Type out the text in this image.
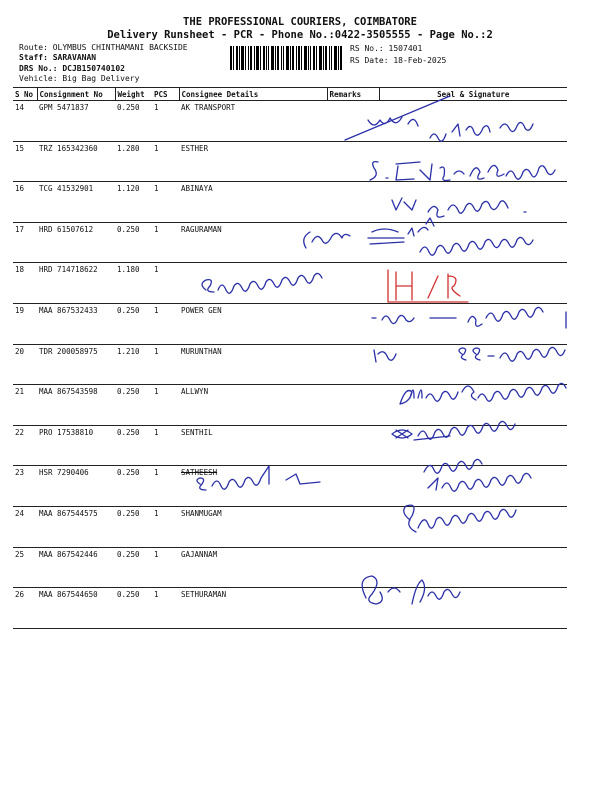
THE PROFESSIONAL COURIERS, COIMBATORE
Delivery Runsheet - PCR - Phone No.:0422-3505555 - Page No.:2
Route: OLYMBUS CHINTHAMANI BACKSIDE
Staff: SARAVANAN
DRS No.: DCJB150740102
Vehicle: Big Bag Delivery
RS No.: 1507401
RS Date: 18-Feb-2025
S No	Consignment No	Weight	PCS	Consignee Details	Remarks	Seal & Signature
14	GPM 5471837	0.250	1	AK TRANSPORT		
15	TRZ 165342360	1.280	1	ESTHER		
16	TCG 41532901	1.120	1	ABINAYA		
17	HRD 61507612	0.250	1	RAGURAMAN		
18	HRD 714718622	1.180	1			
19	MAA 867532433	0.250	1	POWER GEN		
20	TDR 200058975	1.210	1	MURUNTHAN		
21	MAA 867543598	0.250	1	ALLWYN		
22	PRO 17538810	0.250	1	SENTHIL		
23	HSR 7290406	0.250	1	SATHEESH		
24	MAA 867544575	0.250	1	SHANMUGAM		
25	MAA 867542446	0.250	1	GAJANNAM		
26	MAA 867544650	0.250	1	SETHURAMAN		
